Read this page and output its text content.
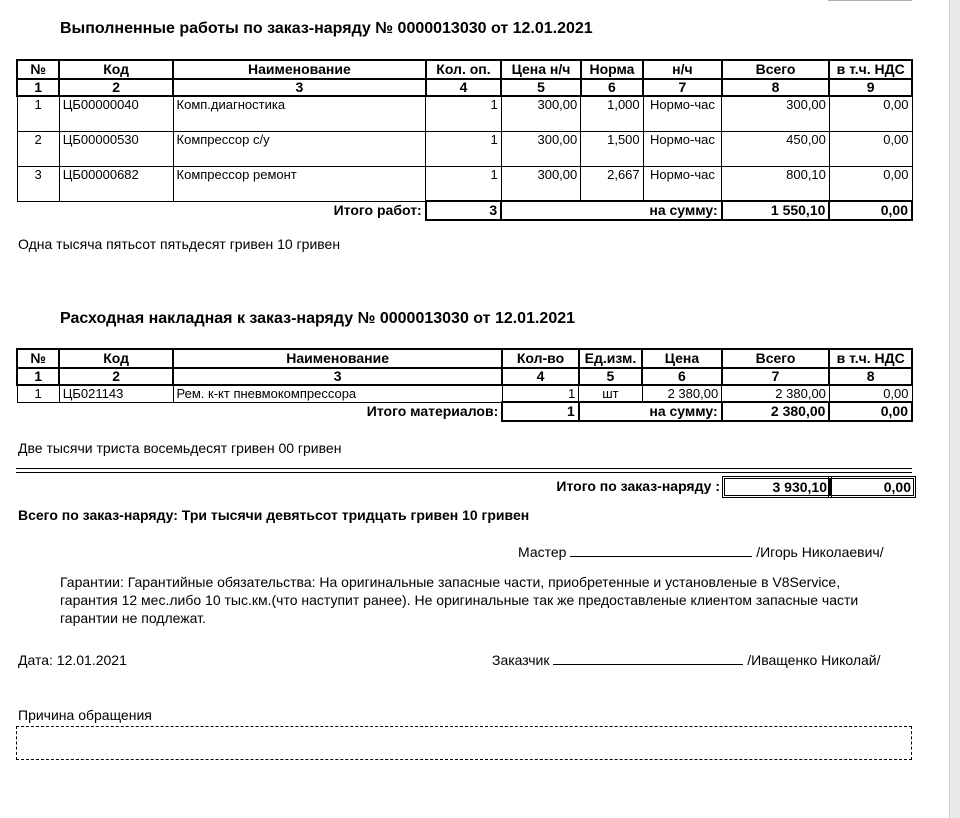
Выполненные работы по заказ-наряду № 0000013030 от 12.01.2021
№	Код	Наименование	Кол. оп.	Цена н/ч	Норма	н/ч	Всего	в т.ч. НДС
1	2	3	4	5	6	7	8	9
1	ЦБ00000040	Комп.диагностика	1	300,00	1,000	Нормо-час	300,00	0,00
2	ЦБ00000530	Компрессор с/у	1	300,00	1,500	Нормо-час	450,00	0,00
3	ЦБ00000682	Компрессор ремонт	1	300,00	2,667	Нормо-час	800,10	0,00
Итого работ:			3	на сумму:			1 550,10	0,00
Одна тысяча пятьсот пятьдесят гривен 10 гривен
Расходная накладная к заказ-наряду № 0000013030 от 12.01.2021
№	Код	Наименование	Кол-во	Ед.изм.	Цена	Всего	в т.ч. НДС
1	2	3	4	5	6	7	8
1	ЦБ021143	Рем. к-кт пневмокомпрессора	1	шт	2 380,00	2 380,00	0,00
Итого материалов:			1	на сумму:		2 380,00	0,00
Две тысячи триста восемьдесят гривен 00 гривен
Итого по заказ-наряду :	3 930,10	0,00
Всего по заказ-наряду: Три тысячи девятьсот тридцать гривен 10 гривен
Мастер	/Игорь Николаевич/
Гарантии: Гарантийные обязательства: На оригинальные запасные части, приобретенные и установленые в V8Service, гарантия 12 мес.либо 10 тыс.км.(что наступит ранее). Не оригинальные так же предоставленые клиентом запасные части гарантии не подлежат.
Дата: 12.01.2021	Заказчик	/Иващенко Николай/
Причина обращения
